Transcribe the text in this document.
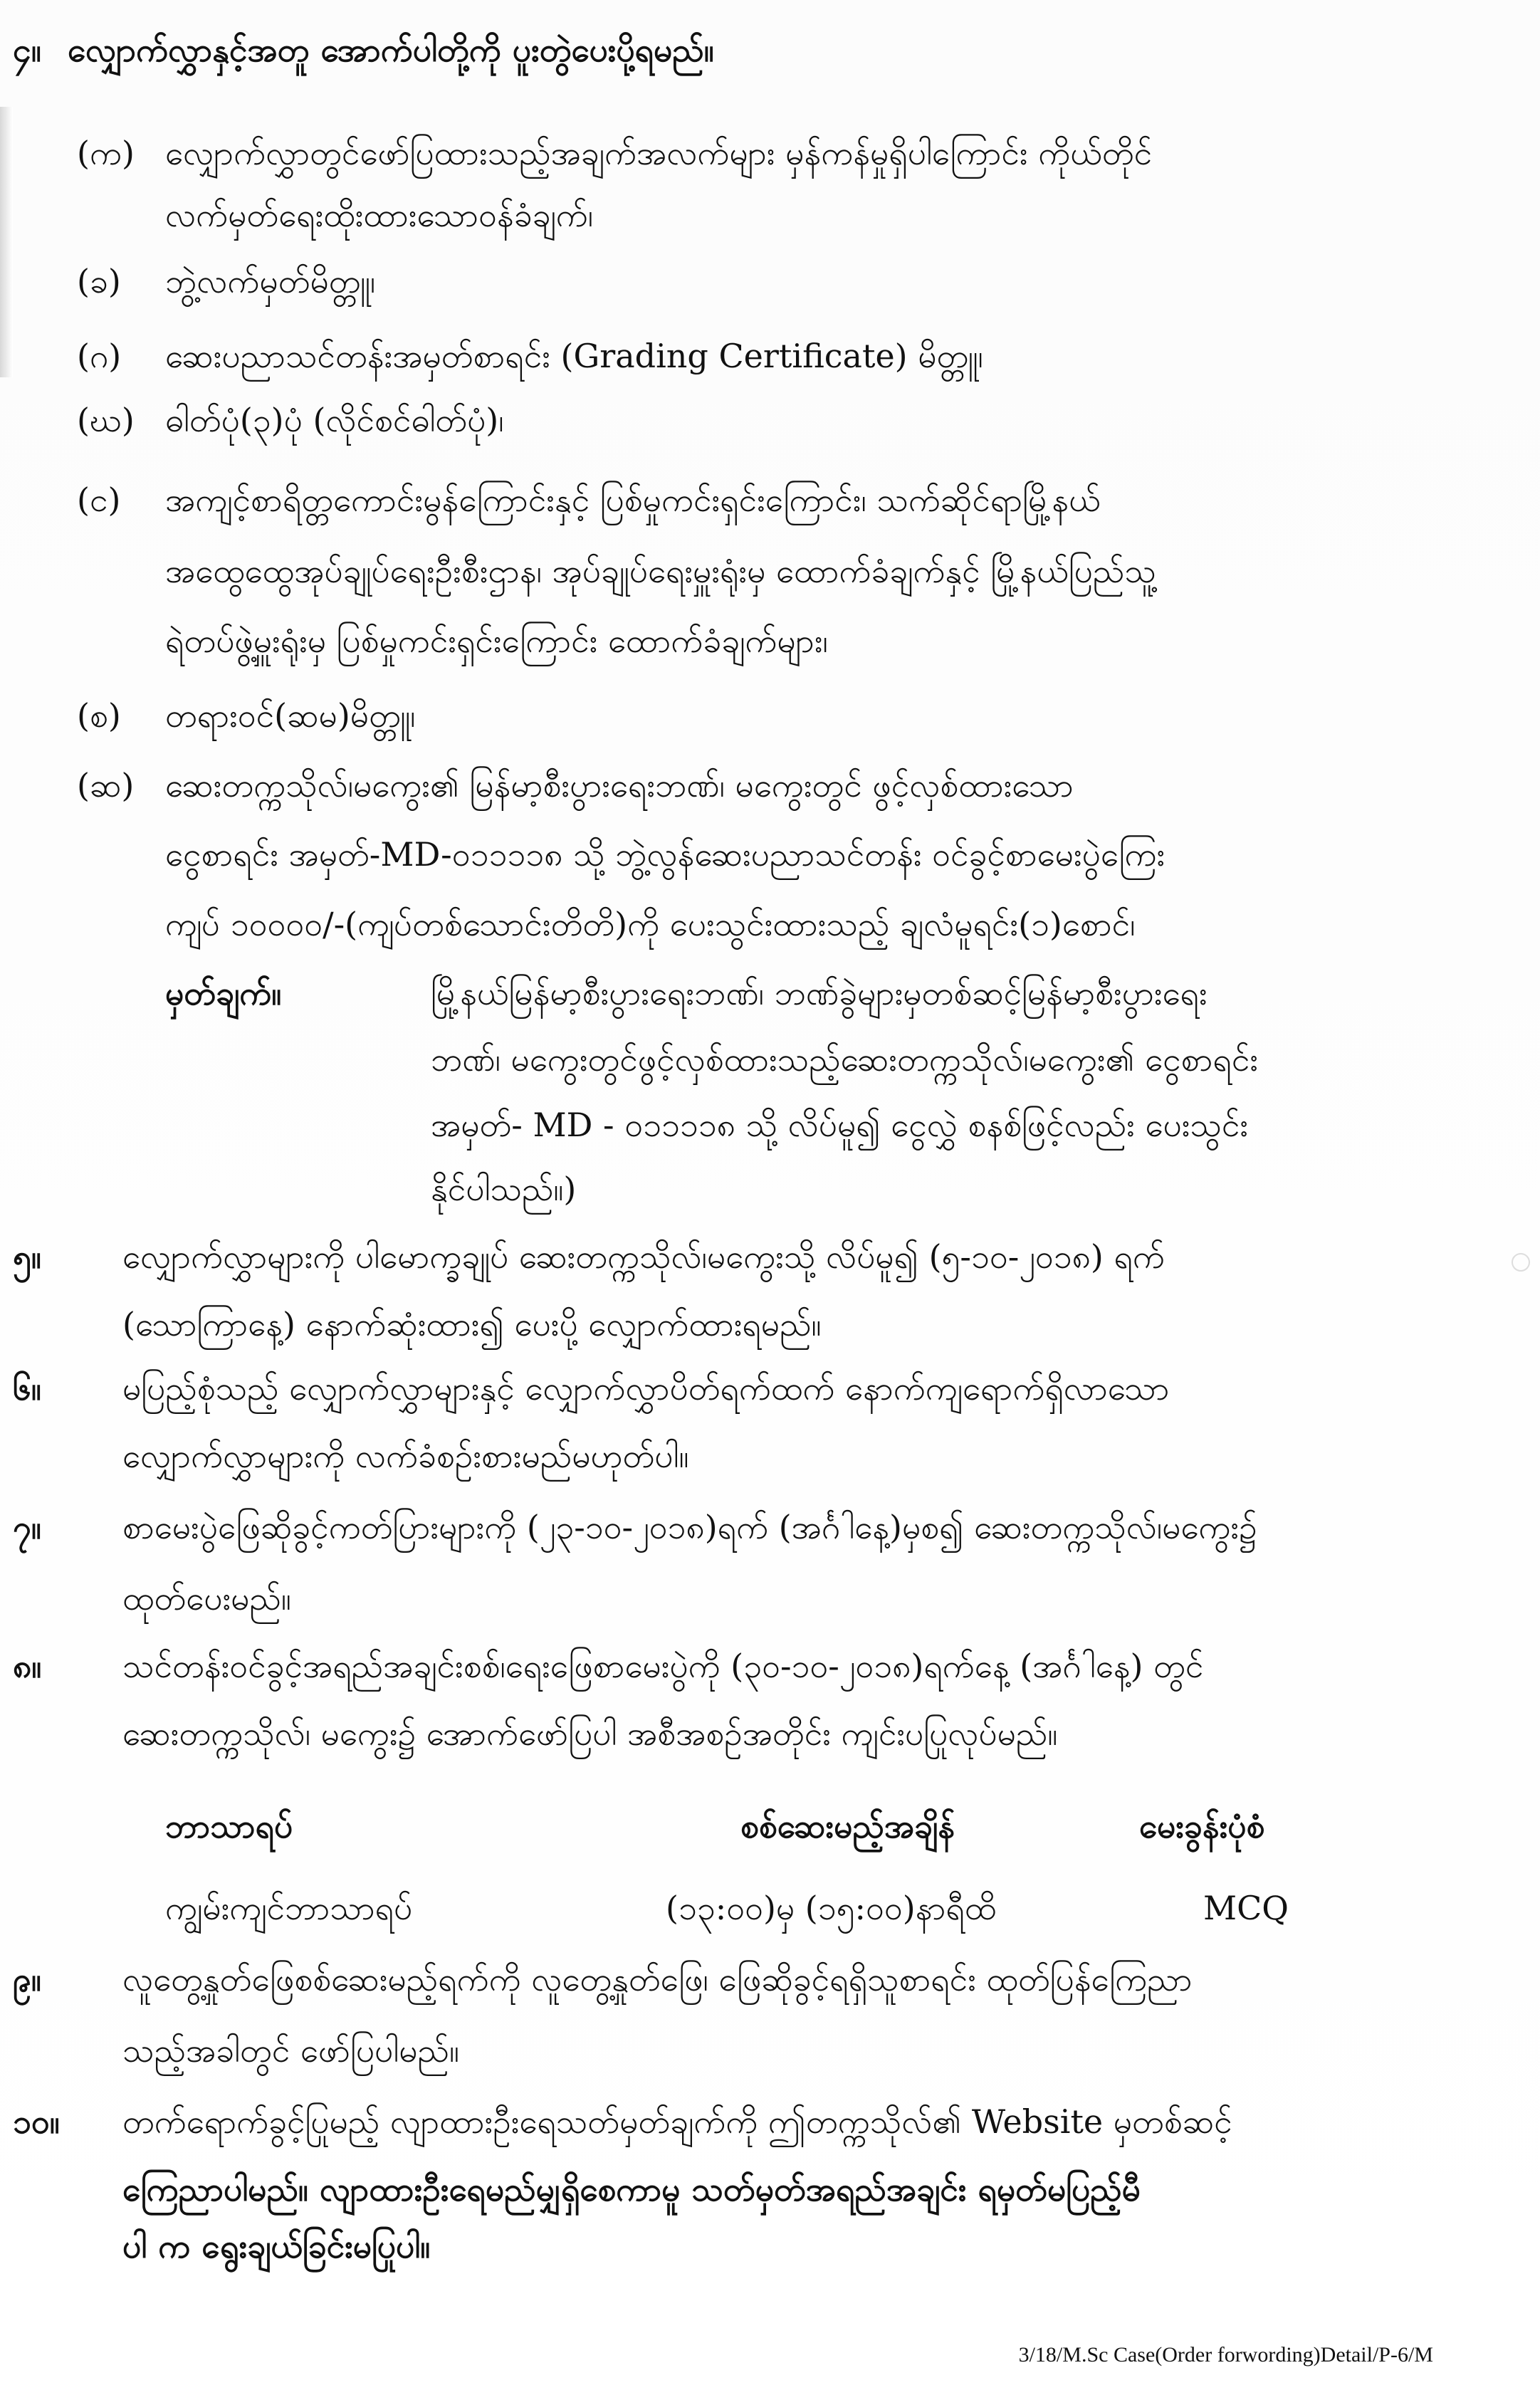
၄။ လျှောက်လွှာနှင့်အတူ အောက်ပါတို့ကို ပူးတွဲပေးပို့ရမည်။
(က) လျှောက်လွှာတွင်ဖော်ပြထားသည့်အချက်အလက်များ မှန်ကန်မှုရှိပါကြောင်း ကိုယ်တိုင်
လက်မှတ်ရေးထိုးထားသောဝန်ခံချက်၊
(ခ) ဘွဲ့လက်မှတ်မိတ္တူ၊
(ဂ) ဆေးပညာသင်တန်းအမှတ်စာရင်း (Grading Certificate) မိတ္တူ၊
(ဃ) ဓါတ်ပုံ(၃)ပုံ (လိုင်စင်ဓါတ်ပုံ)၊
(င) အကျင့်စာရိတ္တကောင်းမွန်ကြောင်းနှင့် ပြစ်မှုကင်းရှင်းကြောင်း၊ သက်ဆိုင်ရာမြို့နယ်
အထွေထွေအုပ်ချုပ်ရေးဦးစီးဌာန၊ အုပ်ချုပ်ရေးမှူးရုံးမှ ထောက်ခံချက်နှင့် မြို့နယ်ပြည်သူ့
ရဲတပ်ဖွဲ့မှူးရုံးမှ ပြစ်မှုကင်းရှင်းကြောင်း ထောက်ခံချက်များ၊
(စ) တရားဝင်(ဆမ)မိတ္တူ၊
(ဆ) ဆေးတက္ကသိုလ်၊မကွေး၏ မြန်မာ့စီးပွားရေးဘဏ်၊ မကွေးတွင် ဖွင့်လှစ်ထားသော
ငွေစာရင်း အမှတ်-MD-၀၁၁၁၁၈ သို့ ဘွဲ့လွန်ဆေးပညာသင်တန်း ဝင်ခွင့်စာမေးပွဲကြေး
ကျပ် ၁၀၀၀၀/-(ကျပ်တစ်သောင်းတိတိ)ကို ပေးသွင်းထားသည့် ချလံမူရင်း(၁)စောင်၊
မှတ်ချက်။	မြို့နယ်မြန်မာ့စီးပွားရေးဘဏ်၊ ဘဏ်ခွဲများမှတစ်ဆင့်မြန်မာ့စီးပွားရေး
ဘဏ်၊ မကွေးတွင်ဖွင့်လှစ်ထားသည့်ဆေးတက္ကသိုလ်၊မကွေး၏ ငွေစာရင်း
အမှတ်- MD - ၀၁၁၁၁၈ သို့ လိပ်မူ၍ ငွေလွှဲ စနစ်ဖြင့်လည်း ပေးသွင်း
နိုင်ပါသည်။)
၅။ လျှောက်လွှာများကို ပါမောက္ခချုပ် ဆေးတက္ကသိုလ်၊မကွေးသို့ လိပ်မူ၍ (၅-၁၀-၂၀၁၈) ရက်
(သောကြာနေ့) နောက်ဆုံးထား၍ ပေးပို့ လျှောက်ထားရမည်။
၆။ မပြည့်စုံသည့် လျှောက်လွှာများနှင့် လျှောက်လွှာပိတ်ရက်ထက် နောက်ကျရောက်ရှိလာသော
လျှောက်လွှာများကို လက်ခံစဉ်းစားမည်မဟုတ်ပါ။
၇။ စာမေးပွဲဖြေဆိုခွင့်ကတ်ပြားများကို (၂၃-၁၀-၂၀၁၈)ရက် (အင်္ဂါနေ့)မှစ၍ ဆေးတက္ကသိုလ်၊မကွေး၌
ထုတ်ပေးမည်။
၈။ သင်တန်းဝင်ခွင့်အရည်အချင်းစစ်၊ရေးဖြေစာမေးပွဲကို (၃၀-၁၀-၂၀၁၈)ရက်နေ့ (အင်္ဂါနေ့) တွင်
ဆေးတက္ကသိုလ်၊ မကွေး၌ အောက်ဖော်ပြပါ အစီအစဉ်အတိုင်း ကျင်းပပြုလုပ်မည်။
ဘာသာရပ်	စစ်ဆေးမည့်အချိန်	မေးခွန်းပုံစံ
ကျွမ်းကျင်ဘာသာရပ်	(၁၃:၀၀)မှ (၁၅:၀၀)နာရီထိ	MCQ
၉။ လူတွေ့နှုတ်ဖြေစစ်ဆေးမည့်ရက်ကို လူတွေ့နှုတ်ဖြေ၊ ဖြေဆိုခွင့်ရရှိသူစာရင်း ထုတ်ပြန်ကြေညာ
သည့်အခါတွင် ဖော်ပြပါမည်။
၁၀။ တက်ရောက်ခွင့်ပြုမည့် လျာထားဦးရေသတ်မှတ်ချက်ကို ဤတက္ကသိုလ်၏ Website မှတစ်ဆင့်
ကြေညာပါမည်။ လျာထားဦးရေမည်မျှရှိစေကာမူ သတ်မှတ်အရည်အချင်း ရမှတ်မပြည့်မီ
ပါ က ရွေးချယ်ခြင်းမပြုပါ။
3/18/M.Sc Case(Order forwording)Detail/P-6/M
